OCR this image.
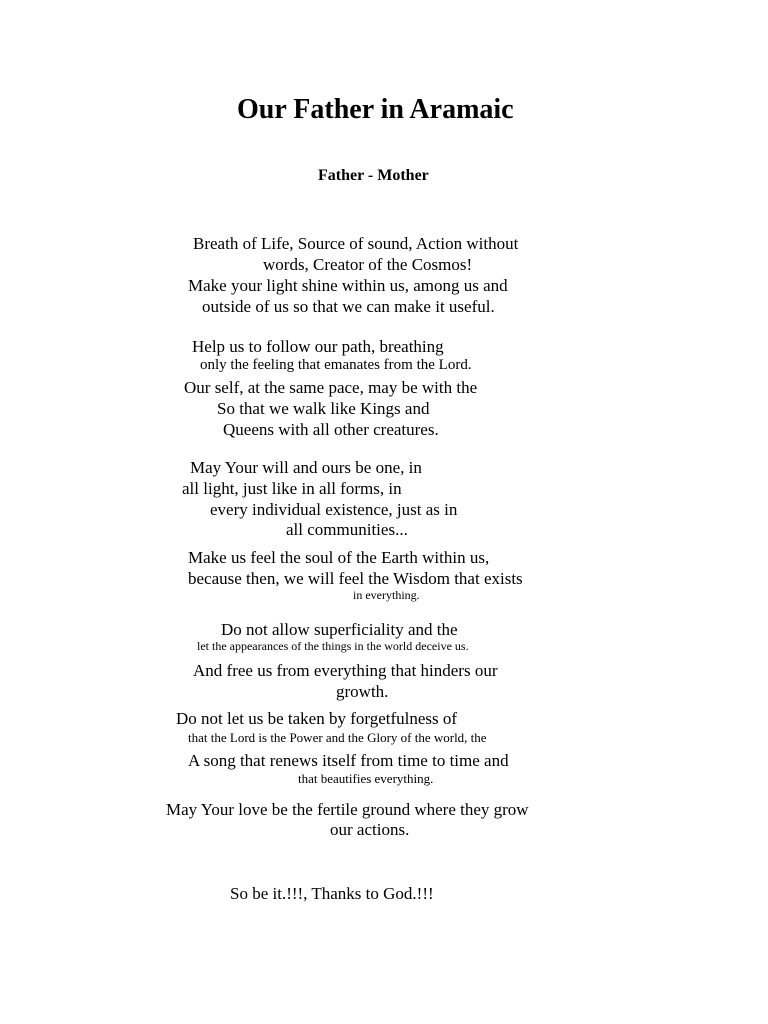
Our Father in Aramaic
Father - Mother
Breath of Life, Source of sound, Action without
words, Creator of the Cosmos!
Make your light shine within us, among us and
outside of us so that we can make it useful.
Help us to follow our path, breathing
only the feeling that emanates from the Lord.
Our self, at the same pace, may be with the
So that we walk like Kings and
Queens with all other creatures.
May Your will and ours be one, in
all light, just like in all forms, in
every individual existence, just as in
all communities...
Make us feel the soul of the Earth within us,
because then, we will feel the Wisdom that exists
in everything.
Do not allow superficiality and the
let the appearances of the things in the world deceive us.
And free us from everything that hinders our
growth.
Do not let us be taken by forgetfulness of
that the Lord is the Power and the Glory of the world, the
A song that renews itself from time to time and
that beautifies everything.
May Your love be the fertile ground where they grow
our actions.
So be it.!!!, Thanks to God.!!!
